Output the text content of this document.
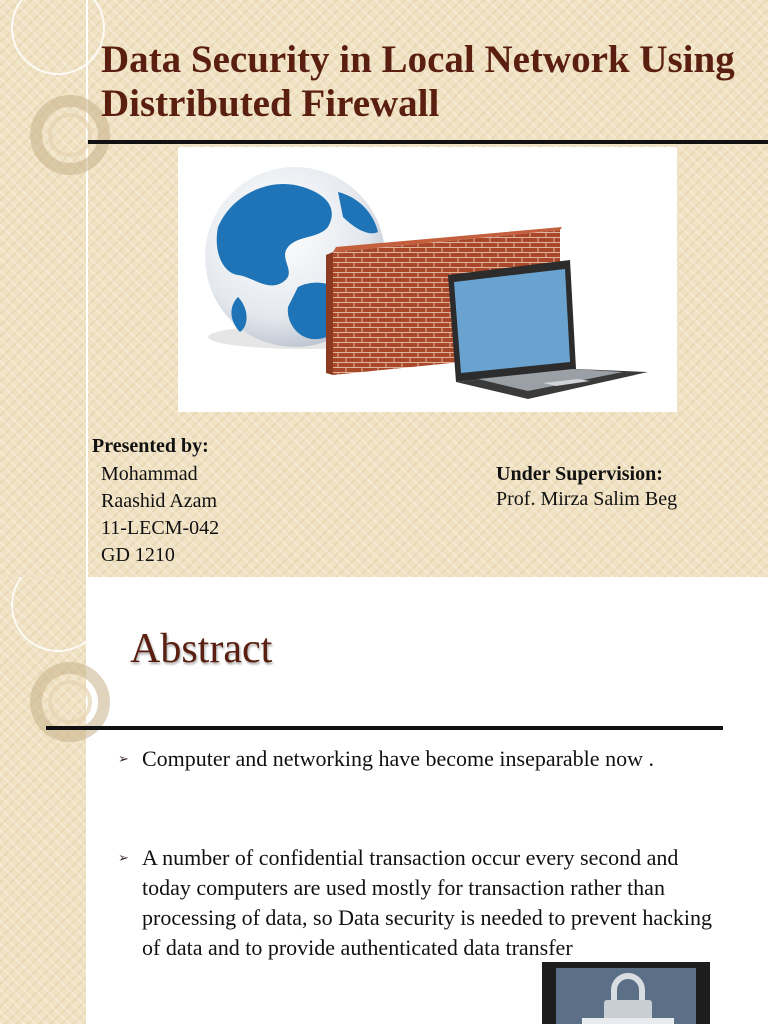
Data Security in Local Network Using Distributed Firewall
Presented by:
Mohammad
Raashid Azam
11-LECM-042
GD 1210
Under Supervision:
Prof. Mirza Salim Beg
Abstract
➢ Computer and networking have become inseparable now .
➢ A number of confidential transaction occur every second and today computers are used mostly for transaction rather than processing of data, so Data security is needed to prevent hacking of data and to provide authenticated data transfer
